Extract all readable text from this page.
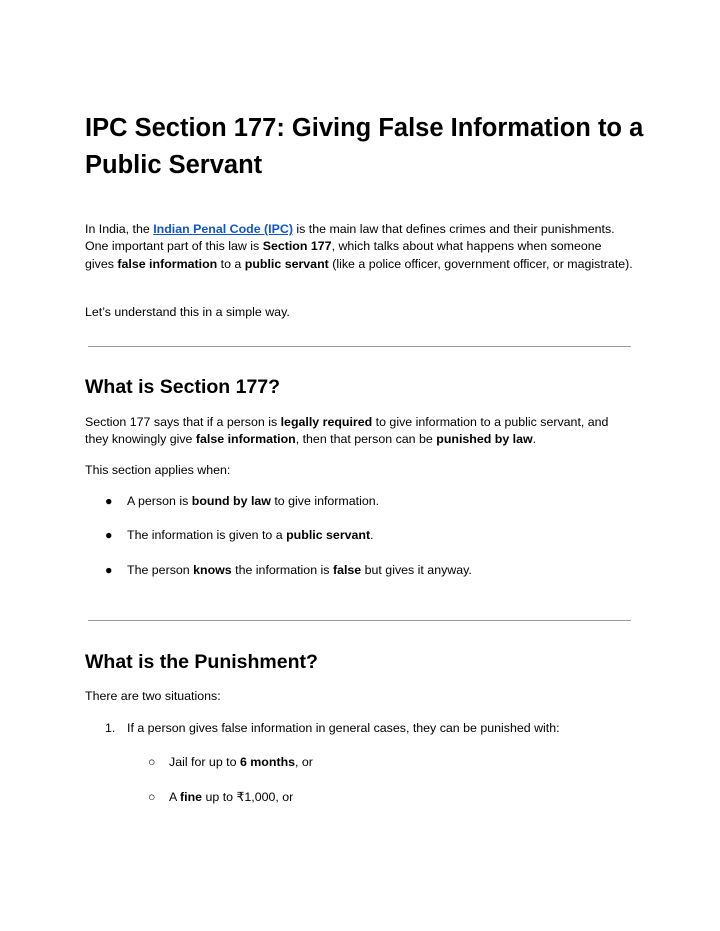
IPC Section 177: Giving False Information to a Public Servant

In India, the Indian Penal Code (IPC) is the main law that defines crimes and their punishments. One important part of this law is Section 177, which talks about what happens when someone gives false information to a public servant (like a police officer, government officer, or magistrate).

Let’s understand this in a simple way.

What is Section 177?

Section 177 says that if a person is legally required to give information to a public servant, and they knowingly give false information, then that person can be punished by law.

This section applies when:

● A person is bound by law to give information.
● The information is given to a public servant.
● The person knows the information is false but gives it anyway.
What is the Punishment?

There are two situations:

1. If a person gives false information in general cases, they can be punished with:
○ Jail for up to 6 months, or
○ A fine up to ₹1,000, or
